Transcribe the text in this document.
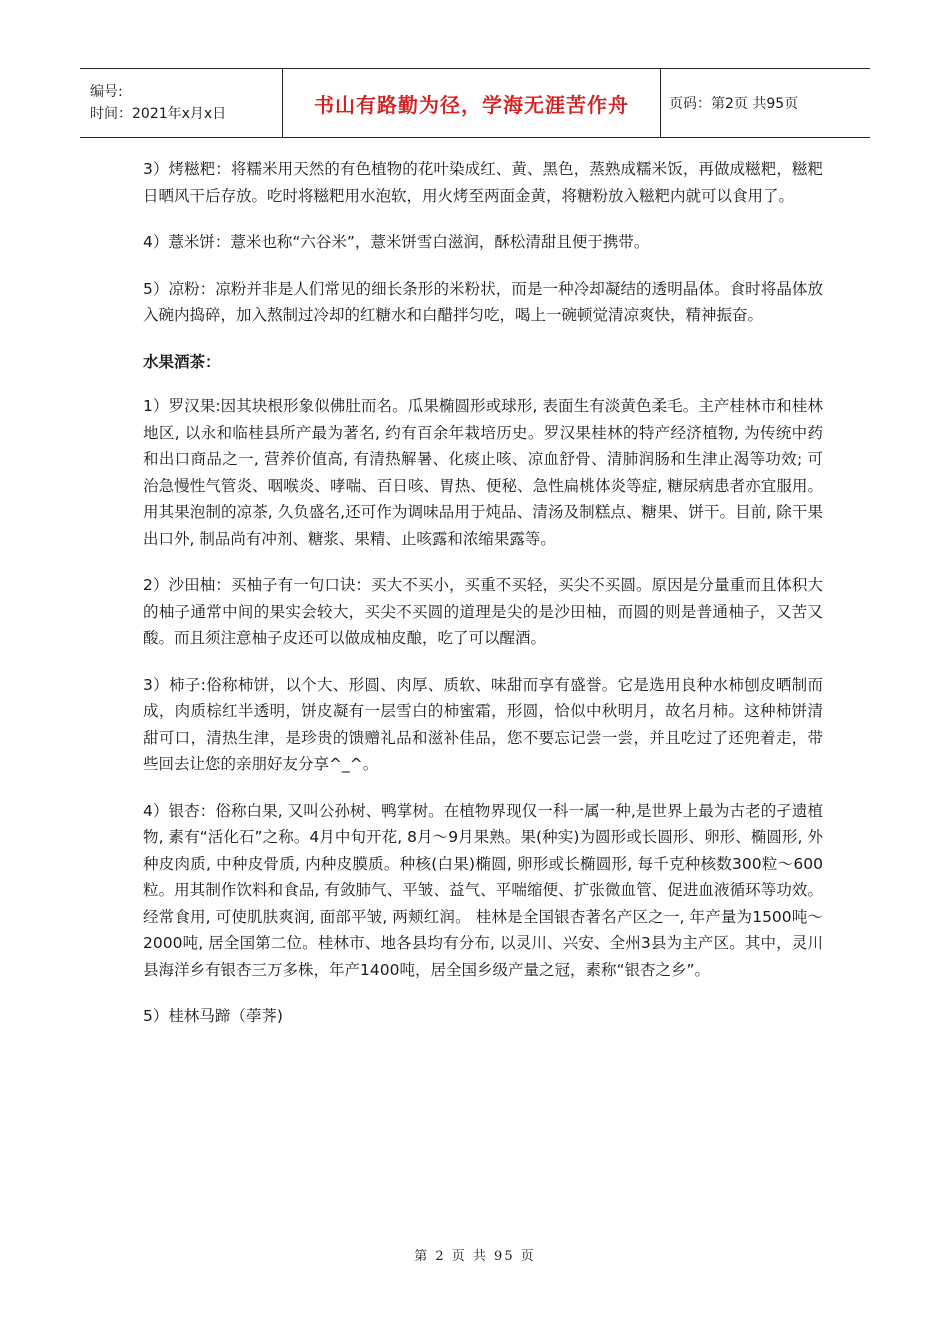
编号:
时间：2021年x月x日	书山有路勤为径，学海无涯苦作舟	页码：第2页 共95页

3）烤糍粑：将糯米用天然的有色植物的花叶染成红、黄、黑色，蒸熟成糯米饭，再做成糍粑，糍粑日晒风干后存放。吃时将糍粑用水泡软，用火烤至两面金黄，将糖粉放入糍粑内就可以食用了。

4）薏米饼：薏米也称“六谷米”，薏米饼雪白滋润，酥松清甜且便于携带。

5）凉粉：凉粉并非是人们常见的细长条形的米粉状，而是一种冷却凝结的透明晶体。食时将晶体放入碗内捣碎，加入熬制过冷却的红糖水和白醋拌匀吃，喝上一碗顿觉清凉爽快，精神振奋。

水果酒茶：

1）罗汉果:因其块根形象似佛肚而名。瓜果椭圆形或球形, 表面生有淡黄色柔毛。主产桂林市和桂林地区, 以永和临桂县所产最为著名, 约有百余年栽培历史。罗汉果桂林的特产经济植物, 为传统中药和出口商品之一, 营养价值高, 有清热解暑、化痰止咳、凉血舒骨、清肺润肠和生津止渴等功效; 可治急慢性气管炎、咽喉炎、哮喘、百日咳、胃热、便秘、急性扁桃体炎等症, 糖尿病患者亦宜服用。用其果泡制的凉茶, 久负盛名,还可作为调味品用于炖品、清汤及制糕点、糖果、饼干。目前, 除干果出口外, 制品尚有冲剂、糖浆、果精、止咳露和浓缩果露等。

2）沙田柚：买柚子有一句口诀：买大不买小，买重不买轻，买尖不买圆。原因是分量重而且体积大的柚子通常中间的果实会较大，买尖不买圆的道理是尖的是沙田柚，而圆的则是普通柚子，又苦又酸。而且须注意柚子皮还可以做成柚皮酿，吃了可以醒酒。

3）柿子:俗称柿饼，以个大、形圆、肉厚、质软、味甜而享有盛誉。它是选用良种水柿刨皮晒制而成，肉质棕红半透明，饼皮凝有一层雪白的柿蜜霜，形圆，恰似中秋明月，故名月柿。这种柿饼清甜可口，清热生津，是珍贵的馈赠礼品和滋补佳品，您不要忘记尝一尝，并且吃过了还兜着走，带些回去让您的亲朋好友分享^_^。

4）银杏：俗称白果, 又叫公孙树、鸭掌树。在植物界现仅一科一属一种,是世界上最为古老的孑遗植物, 素有“活化石”之称。4月中旬开花, 8月～9月果熟。果(种实)为圆形或长圆形、卵形、椭圆形, 外种皮肉质, 中种皮骨质, 内种皮膜质。种核(白果)椭圆, 卵形或长椭圆形, 每千克种核数300粒～600粒。用其制作饮料和食品, 有敛肺气、平皱、益气、平喘缩便、扩张微血管、促进血液循环等功效。经常食用, 可使肌肤爽润, 面部平皱, 两颊红润。 桂林是全国银杏著名产区之一, 年产量为1500吨～2000吨, 居全国第二位。桂林市、地各县均有分布, 以灵川、兴安、全州3县为主产区。其中，灵川县海洋乡有银杏三万多株，年产1400吨，居全国乡级产量之冠，素称“银杏之乡”。

5）桂林马蹄（荸荠)

第 2 页 共 95 页
